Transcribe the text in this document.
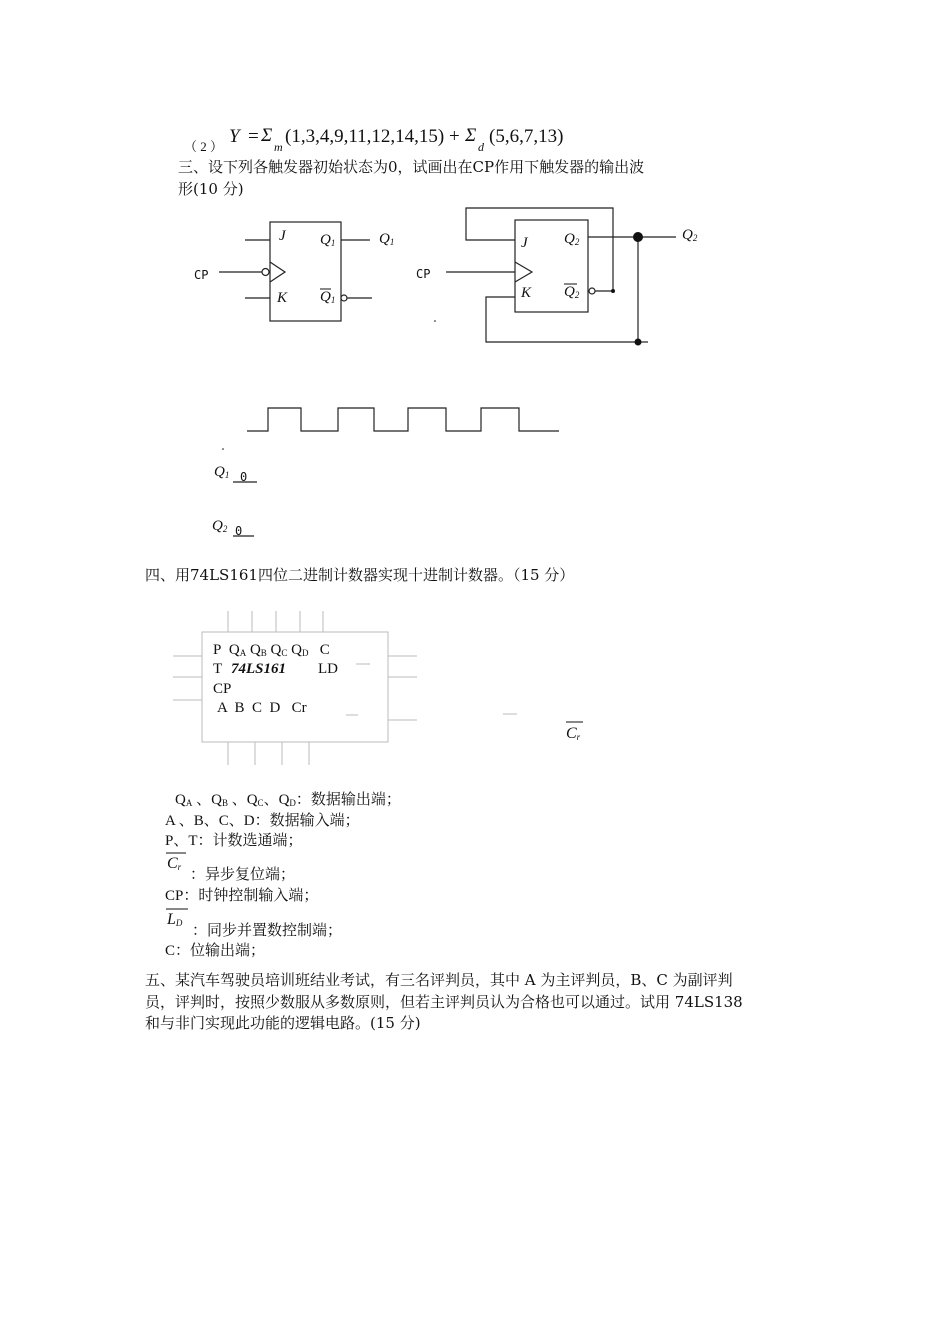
（ 2 ） Y = Σ
m (1,3,4,9,11,12,14,15) + Σ
d (5,6,7,13)
三、设下列各触发器初始状态为0，试画出在CP作用下触发器的输出波
形(10 分)
J
K
$Q_1$
$Q_1$
$Q_1$
CP
J
K
$Q_2$
$Q_2$
$Q_2$
CP
$Q_1$ 0
$Q_2$ 0
四、用74LS161四位二进制计数器实现十进制计数器。（15 分）
P $Q_A$ $Q_B$ $Q_C$ $Q_D$ C
T 74LS161 LD
CP
A  B  C  D   Cr
$C_r$
$Q_A$ 、$Q_B$ 、$Q_C$、$Q_D$：数据输出端；
A 、B、C、D：数据输入端；
P、T：计数选通端；
$C_r$ ：异步复位端；
CP：时钟控制输入端；
$L_D$ ：同步并置数控制端；
C：位输出端；
五、某汽车驾驶员培训班结业考试，有三名评判员，其中 A 为主评判员，B、C 为副评判
员，评判时，按照少数服从多数原则，但若主评判员认为合格也可以通过。试用 74LS138
和与非门实现此功能的逻辑电路。(15 分)
